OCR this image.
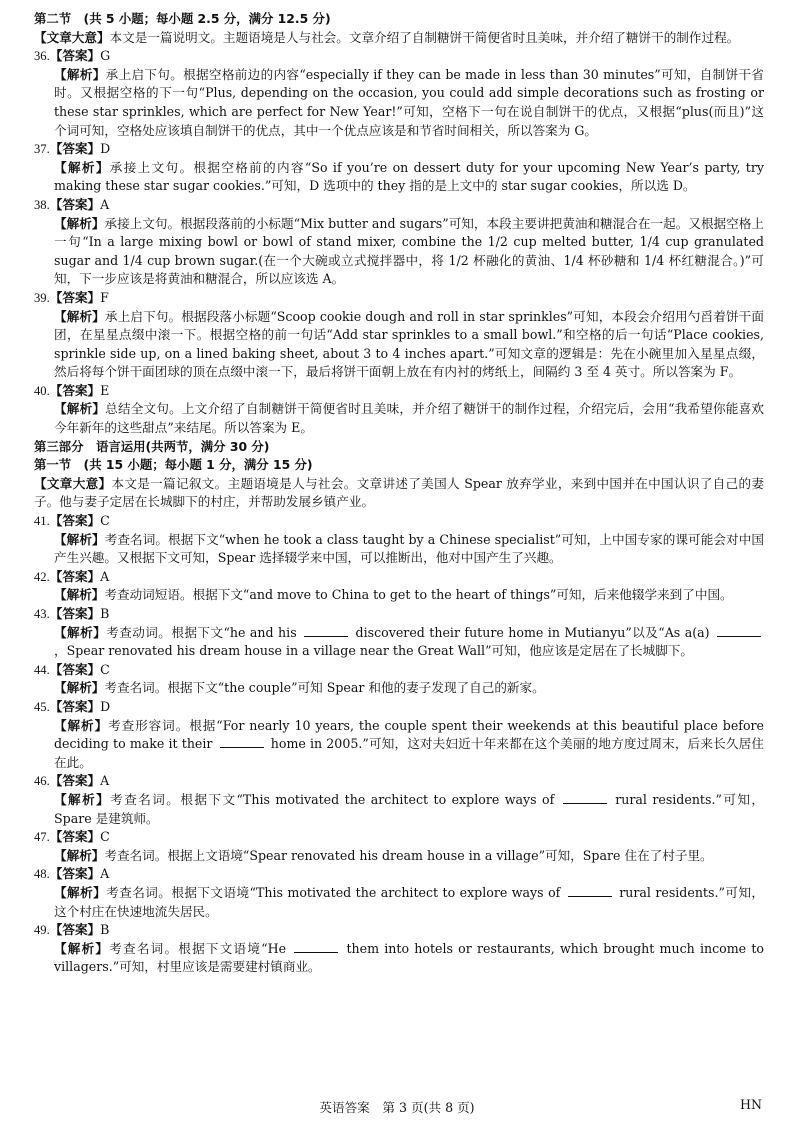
第二节　(共 5 小题；每小题 2.5 分，满分 12.5 分)
【文章大意】本文是一篇说明文。主题语境是人与社会。文章介绍了自制糖饼干简便省时且美味，并介绍了糖饼干的制作过程。
36.【答案】G
【解析】承上启下句。根据空格前边的内容“especially if they can be made in less than 30 minutes”可知，自制饼干省时。又根据空格的下一句“Plus, depending on the occasion, you could add simple decorations such as frosting or these star sprinkles, which are perfect for New Year!”可知，空格下一句在说自制饼干的优点，又根据“plus(而且)”这个词可知，空格处应该填自制饼干的优点，其中一个优点应该是和节省时间相关，所以答案为 G。
37.【答案】D
【解析】承接上文句。根据空格前的内容“So if you’re on dessert duty for your upcoming New Year’s party, try making these star sugar cookies.”可知，D 选项中的 they 指的是上文中的 star sugar cookies，所以选 D。
38.【答案】A
【解析】承接上文句。根据段落前的小标题“Mix butter and sugars”可知，本段主要讲把黄油和糖混合在一起。又根据空格上一句“In a large mixing bowl or bowl of stand mixer, combine the 1/2 cup melted butter, 1/4 cup granulated sugar and 1/4 cup brown sugar.(在一个大碗或立式搅拌器中，将 1/2 杯融化的黄油、1/4 杯砂糖和 1/4 杯红糖混合。)”可知，下一步应该是将黄油和糖混合，所以应该选 A。
39.【答案】F
【解析】承上启下句。根据段落小标题“Scoop cookie dough and roll in star sprinkles”可知，本段会介绍用勺舀着饼干面团，在星星点缀中滚一下。根据空格的前一句话“Add star sprinkles to a small bowl.”和空格的后一句话“Place cookies, sprinkle side up, on a lined baking sheet, about 3 to 4 inches apart.”可知文章的逻辑是：先在小碗里加入星星点缀，然后将每个饼干面团球的顶在点缀中滚一下，最后将饼干面朝上放在有内衬的烤纸上，间隔约 3 至 4 英寸。所以答案为 F。
40.【答案】E
【解析】总结全文句。上文介绍了自制糖饼干简便省时且美味，并介绍了糖饼干的制作过程，介绍完后，会用“我希望你能喜欢今年新年的这些甜点”来结尾。所以答案为 E。
第三部分　语言运用(共两节，满分 30 分)
第一节　(共 15 小题；每小题 1 分，满分 15 分)
【文章大意】本文是一篇记叙文。主题语境是人与社会。文章讲述了美国人 Spear 放弃学业，来到中国并在中国认识了自己的妻子。他与妻子定居在长城脚下的村庄，并帮助发展乡镇产业。
41.【答案】C
【解析】考查名词。根据下文“when he took a class taught by a Chinese specialist”可知，上中国专家的课可能会对中国产生兴趣。又根据下文可知，Spear 选择辍学来中国，可以推断出，他对中国产生了兴趣。
42.【答案】A
【解析】考查动词短语。根据下文“and move to China to get to the heart of things”可知，后来他辍学来到了中国。
43.【答案】B
【解析】考查动词。根据下文“he and his	discovered their future home in Mutianyu”以及“As a(a) ，Spear renovated his dream house in a village near the Great Wall”可知，他应该是定居在了长城脚下。
44.【答案】C
【解析】考查名词。根据下文“the couple”可知 Spear 和他的妻子发现了自己的新家。
45.【答案】D
【解析】考查形容词。根据“For nearly 10 years, the couple spent their weekends at this beautiful place before deciding to make it their	home in 2005.”可知，这对夫妇近十年来都在这个美丽的地方度过周末，后来长久居住在此。
46.【答案】A
【解析】考查名词。根据下文“This motivated the architect to explore ways of	rural residents.”可知，Spare 是建筑师。
47.【答案】C
【解析】考查名词。根据上文语境“Spear renovated his dream house in a village”可知，Spare 住在了村子里。
48.【答案】A
【解析】考查名词。根据下文语境“This motivated the architect to explore ways of	rural residents.”可知，这个村庄在快速地流失居民。
49.【答案】B
【解析】考查名词。根据下文语境“He	them into hotels or restaurants, which brought much income to villagers.”可知，村里应该是需要建村镇商业。
英语答案　第 3 页(共 8 页)	HN
